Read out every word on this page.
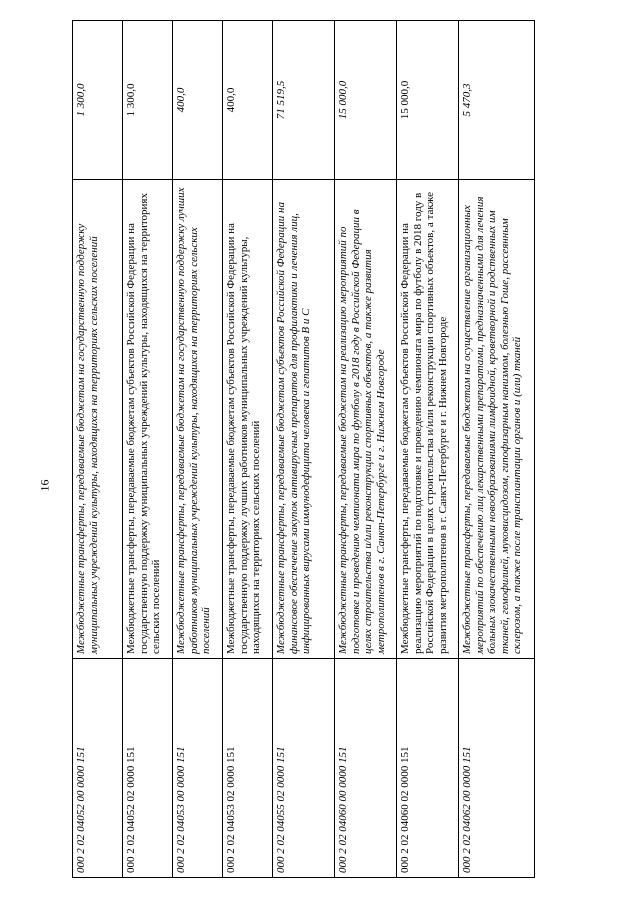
16
000 2 02 04052 00 0000 151	Межбюджетные трансферты, передаваемые бюджетам на государственную поддержку муниципальных учреждений культуры, находящихся на территориях сельских поселений	1 300,0
000 2 02 04052 02 0000 151	Межбюджетные трансферты, передаваемые бюджетам субъектов Российской Федерации на государственную поддержку муниципальных учреждений культуры, находящихся на территориях сельских поселений	1 300,0
000 2 02 04053 00 0000 151	Межбюджетные трансферты, передаваемые бюджетам на государственную поддержку лучших работников муниципальных учреждений культуры, находящихся на территориях сельских поселений	400,0
000 2 02 04053 02 0000 151	Межбюджетные трансферты, передаваемые бюджетам субъектов Российской Федерации на государственную поддержку лучших работников муниципальных учреждений культуры, находящихся на территориях сельских поселений	400,0
000 2 02 04055 02 0000 151	Межбюджетные трансферты, передаваемые бюджетам субъектов Российской Федерации на финансовое обеспечение закупок антивирусных препаратов для профилактики и лечения лиц, инфицированных вирусами иммунодефицита человека и гепатитов В и С	71 519,5
000 2 02 04060 00 0000 151	Межбюджетные трансферты, передаваемые бюджетам на реализацию мероприятий по подготовке и проведению чемпионата мира по футболу в 2018 году в Российской Федерации в целях строительства и/или реконструкции спортивных объектов, а также развития метрополитенов в г. Санкт-Петербурге и г. Нижнем Новгороде	15 000,0
000 2 02 04060 02 0000 151	Межбюджетные трансферты, передаваемые бюджетам субъектов Российской Федерации на реализацию мероприятий по подготовке и проведению чемпионата мира по футболу в 2018 году в Российской Федерации в целях строительства и/или реконструкции спортивных объектов, а также развития метрополитенов в г. Санкт-Петербурге и г. Нижнем Новгороде	15 000,0
000 2 02 04062 00 0000 151	Межбюджетные трансферты, передаваемые бюджетам на осуществление организационных мероприятий по обеспечению лиц лекарственными препаратами, предназначенными для лечения больных злокачественными новообразованиями лимфоидной, кроветворной и родственных им тканей, гемофилией, муковисцидозом, гипофизарным нанизмом, болезнью Гоше, рассеянным склерозом, а также после трансплантации органов и (или) тканей	5 470,3
